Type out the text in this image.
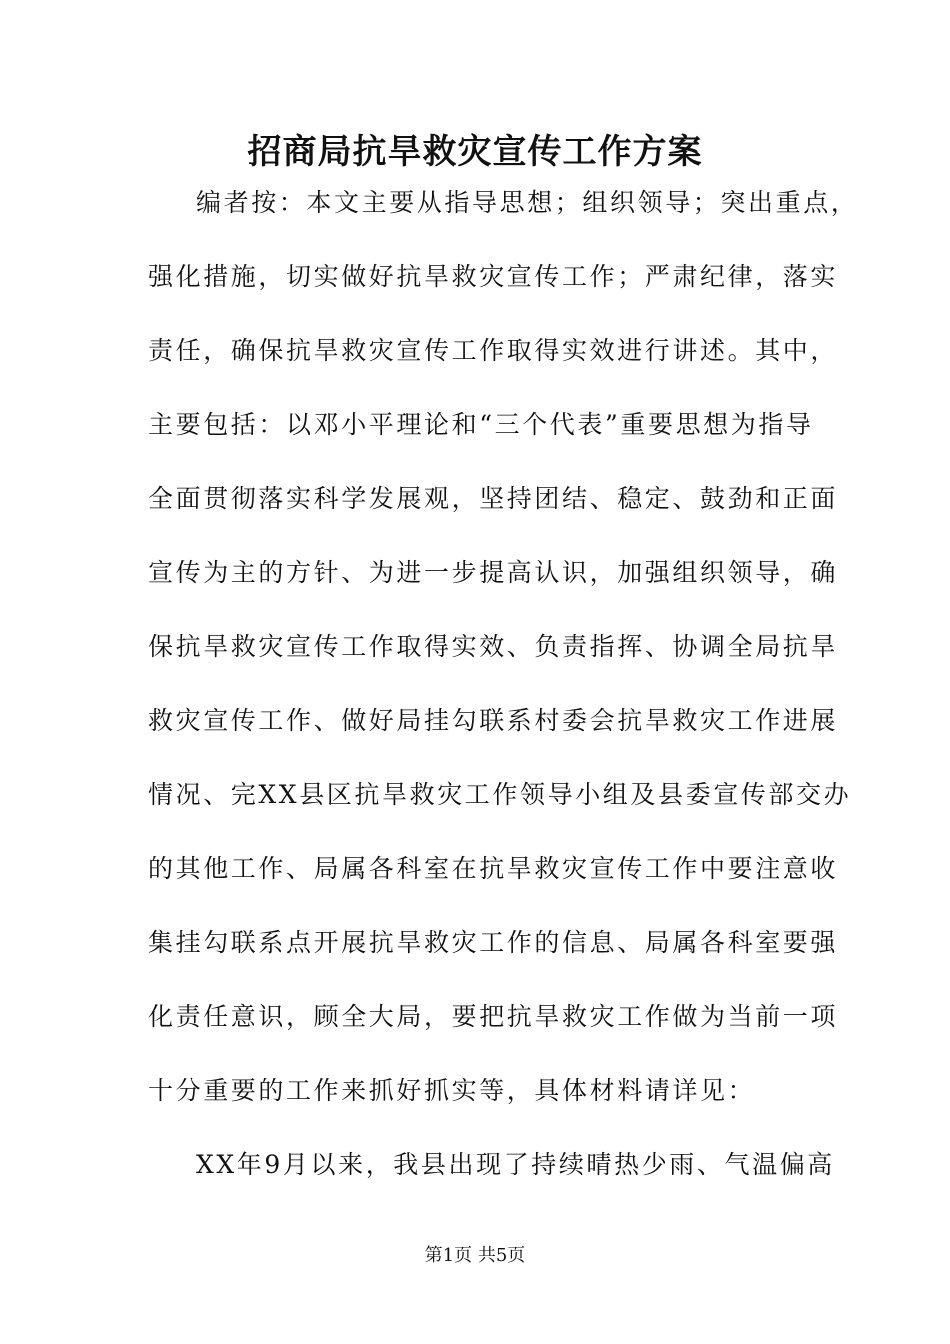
招商局抗旱救灾宣传工作方案
编者按：本文主要从指导思想；组织领导；突出重点，
强化措施，切实做好抗旱救灾宣传工作；严肃纪律，落实
责任，确保抗旱救灾宣传工作取得实效进行讲述。其中，
主要包括：以邓小平理论和“三个代表”重要思想为指导
全面贯彻落实科学发展观，坚持团结、稳定、鼓劲和正面
宣传为主的方针、为进一步提高认识，加强组织领导，确
保抗旱救灾宣传工作取得实效、负责指挥、协调全局抗旱
救灾宣传工作、做好局挂勾联系村委会抗旱救灾工作进展
情况、完XX县区抗旱救灾工作领导小组及县委宣传部交办
的其他工作、局属各科室在抗旱救灾宣传工作中要注意收
集挂勾联系点开展抗旱救灾工作的信息、局属各科室要强
化责任意识，顾全大局，要把抗旱救灾工作做为当前一项
十分重要的工作来抓好抓实等，具体材料请详见：
XX年9月以来，我县出现了持续晴热少雨、气温偏高
第1页 共5页
